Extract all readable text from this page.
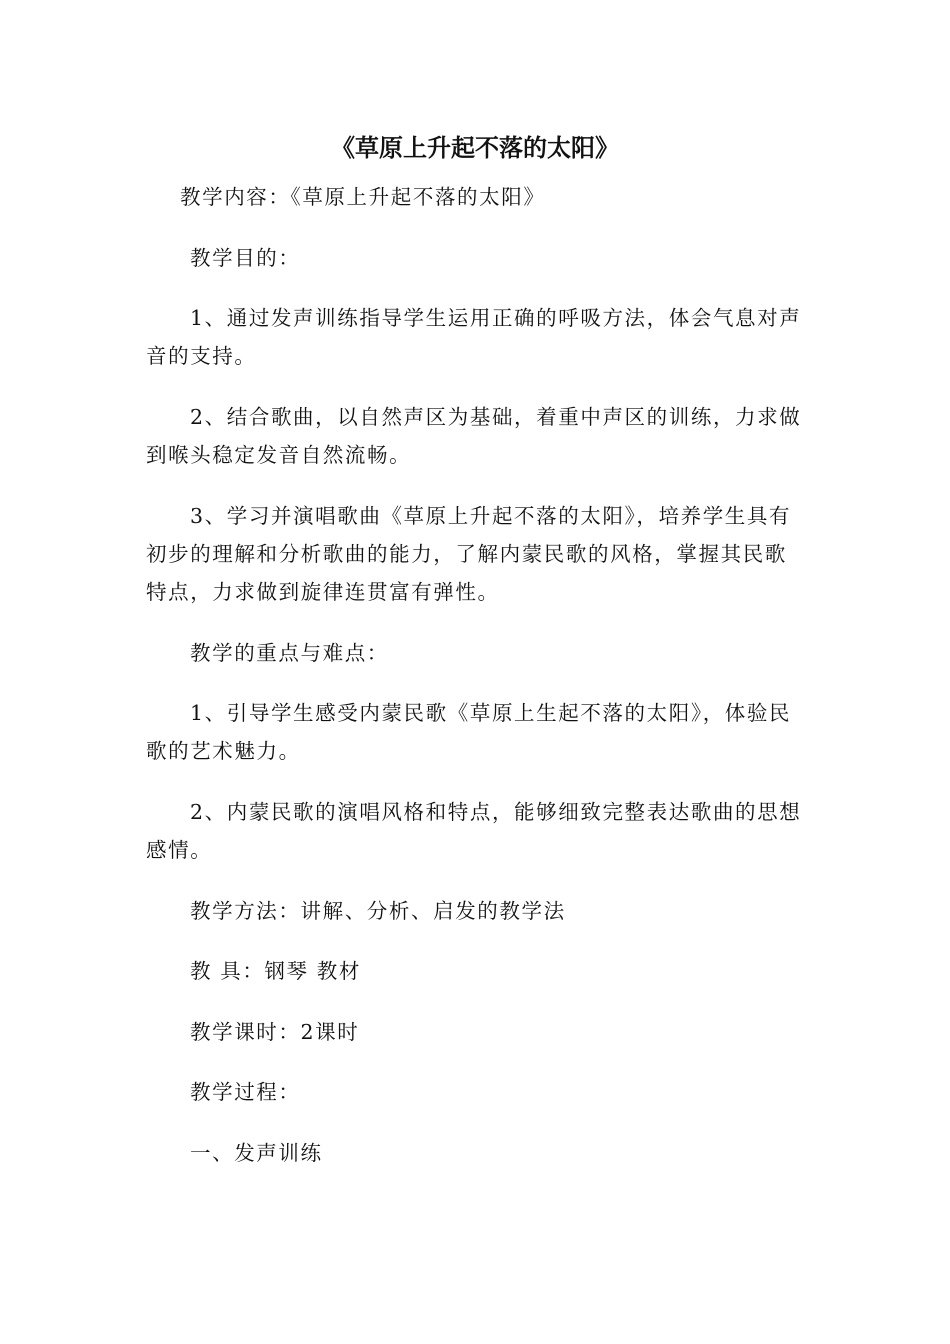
《草原上升起不落的太阳》
教学内容：《草原上升起不落的太阳》
教学目的：
1、通过发声训练指导学生运用正确的呼吸方法，体会气息对声
音的支持。
2、结合歌曲，以自然声区为基础，着重中声区的训练，力求做
到喉头稳定发音自然流畅。
3、学习并演唱歌曲《草原上升起不落的太阳》，培养学生具有
初步的理解和分析歌曲的能力，了解内蒙民歌的风格，掌握其民歌
特点，力求做到旋律连贯富有弹性。
教学的重点与难点：
1、引导学生感受内蒙民歌《草原上生起不落的太阳》，体验民
歌的艺术魅力。
2、内蒙民歌的演唱风格和特点，能够细致完整表达歌曲的思想
感情。
教学方法：讲解、分析、启发的教学法
教 具：钢琴 教材
教学课时：2课时
教学过程：
一、发声训练
